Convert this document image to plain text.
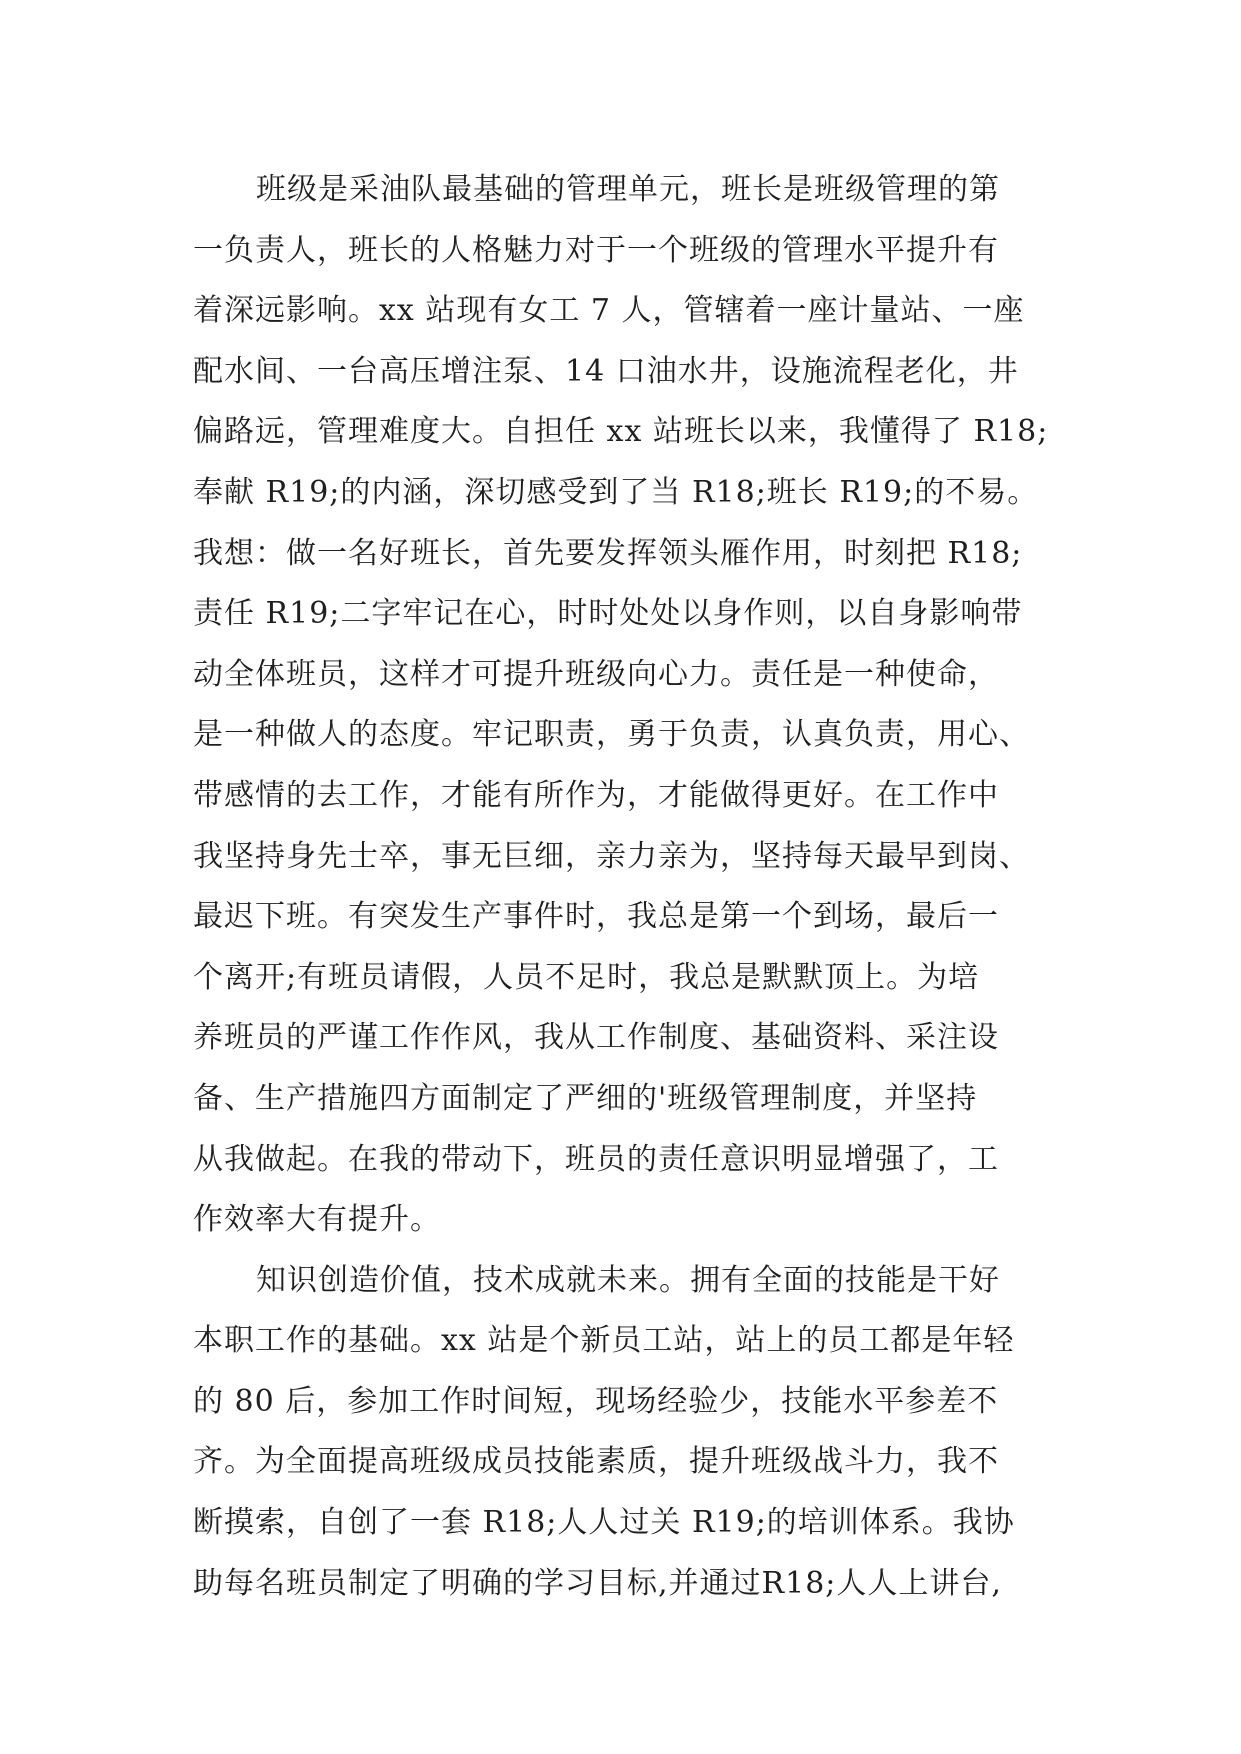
班级是采油队最基础的管理单元，班长是班级管理的第
一负责人，班长的人格魅力对于一个班级的管理水平提升有
着深远影响。xx 站现有女工 7 人，管辖着一座计量站、一座
配水间、一台高压增注泵、14 口油水井，设施流程老化，井
偏路远，管理难度大。自担任 xx 站班长以来，我懂得了 R18;
奉献 R19;的内涵，深切感受到了当 R18;班长 R19;的不易。
我想：做一名好班长，首先要发挥领头雁作用，时刻把 R18;
责任 R19;二字牢记在心，时时处处以身作则，以自身影响带
动全体班员，这样才可提升班级向心力。责任是一种使命，
是一种做人的态度。牢记职责，勇于负责，认真负责，用心、
带感情的去工作，才能有所作为，才能做得更好。在工作中
我坚持身先士卒，事无巨细，亲力亲为，坚持每天最早到岗、
最迟下班。有突发生产事件时，我总是第一个到场，最后一
个离开;有班员请假，人员不足时，我总是默默顶上。为培
养班员的严谨工作作风，我从工作制度、基础资料、采注设
备、生产措施四方面制定了严细的'班级管理制度，并坚持
从我做起。在我的带动下，班员的责任意识明显增强了，工
作效率大有提升。
知识创造价值，技术成就未来。拥有全面的技能是干好
本职工作的基础。xx 站是个新员工站，站上的员工都是年轻
的 80 后，参加工作时间短，现场经验少，技能水平参差不
齐。为全面提高班级成员技能素质，提升班级战斗力，我不
断摸索，自创了一套 R18;人人过关 R19;的培训体系。我协
助每名班员制定了明确的学习目标,并通过R18;人人上讲台,
